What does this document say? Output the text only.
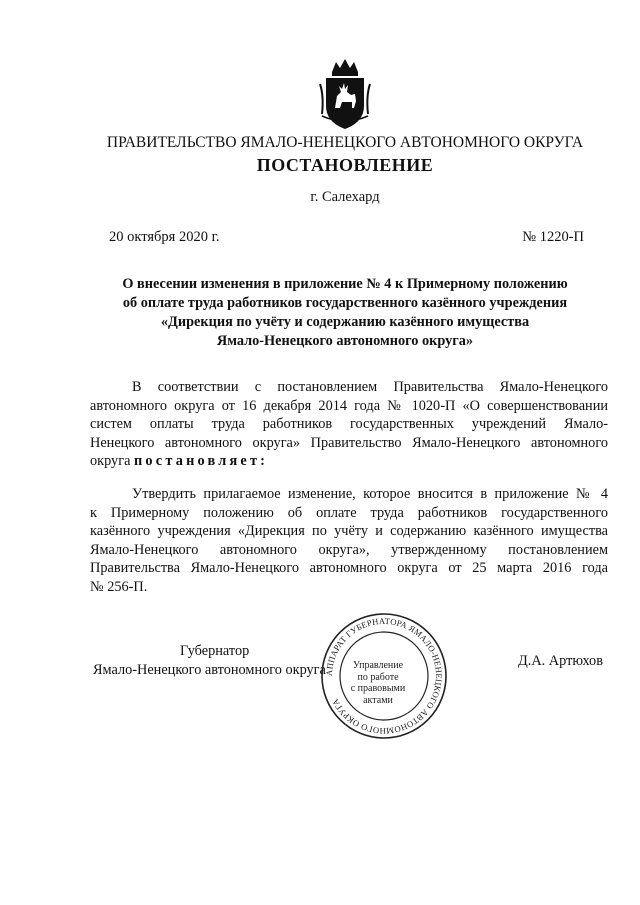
ПРАВИТЕЛЬСТВО ЯМАЛО-НЕНЕЦКОГО АВТОНОМНОГО ОКРУГА
ПОСТАНОВЛЕНИЕ
г. Салехард
20 октября 2020 г.	№ 1220-П
О внесении изменения в приложение № 4 к Примерному положению
об оплате труда работников государственного казённого учреждения
«Дирекция по учёту и содержанию казённого имущества
Ямало-Ненецкого автономного округа»
В соответствии с постановлением Правительства Ямало-Ненецкого
автономного округа от 16 декабря 2014 года № 1020-П «О совершенствовании
систем оплаты труда работников государственных учреждений Ямало-
Ненецкого автономного округа» Правительство Ямало-Ненецкого автономного
округа постановляет:
Утвердить прилагаемое изменение, которое вносится в приложение № 4
к Примерному положению об оплате труда работников государственного
казённого учреждения «Дирекция по учёту и содержанию казённого имущества
Ямало-Ненецкого автономного округа», утвержденному постановлением
Правительства Ямало-Ненецкого автономного округа от 25 марта 2016 года
№ 256-П.
Губернатор
Ямало-Ненецкого автономного округа
Д.А. Артюхов
АППАРАТ ГУБЕРНАТОРА ЯМАЛО-НЕНЕЦКОГО АВТОНОМНОГО ОКРУГА
Управление
по работе
с правовыми
актами
